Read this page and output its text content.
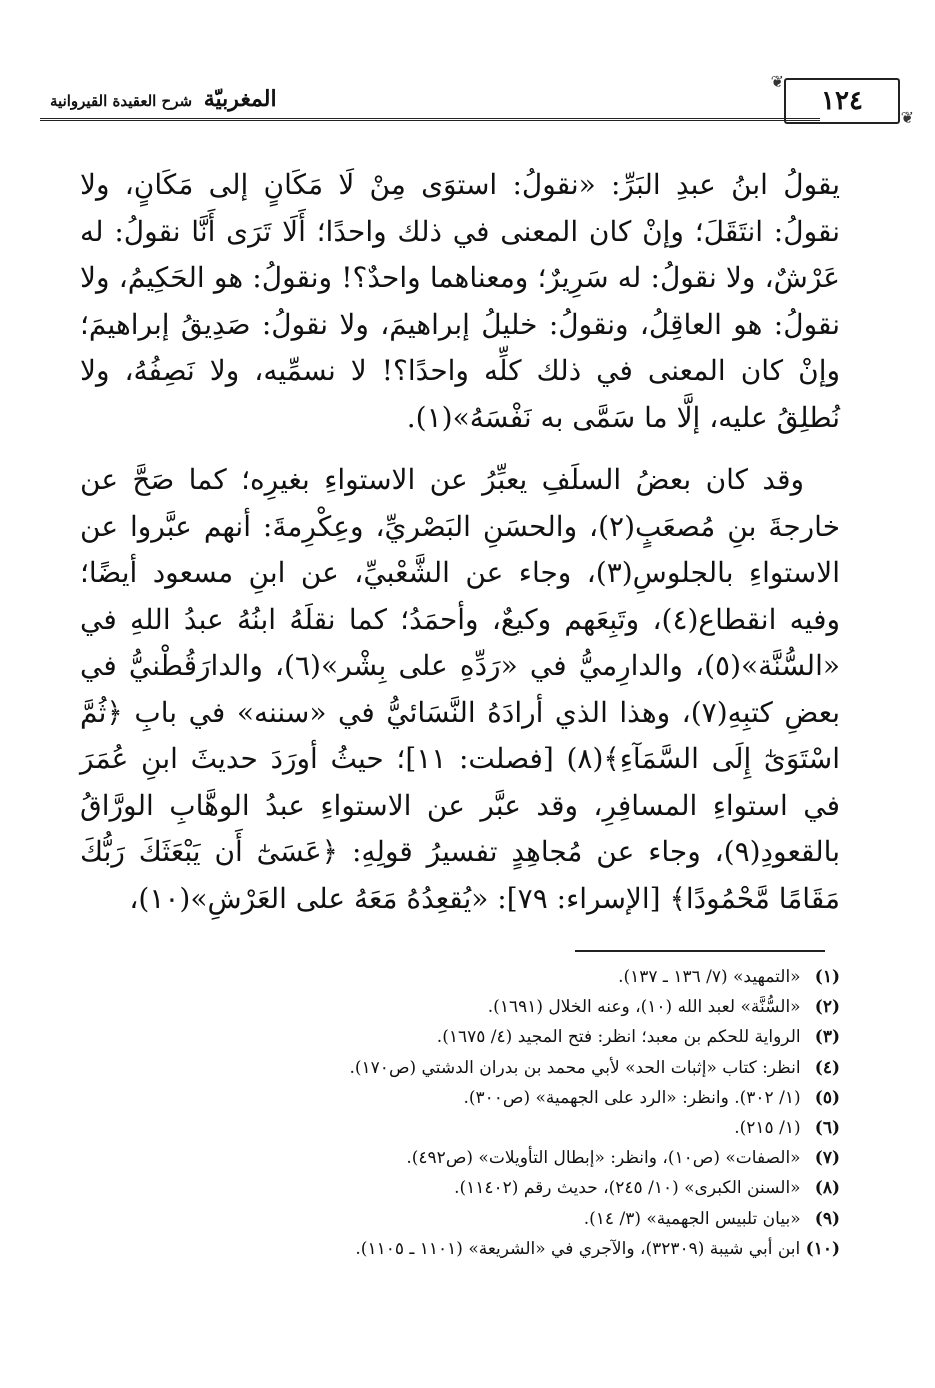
المغربيّة شرح العقيدة القيروانية
❦
❦
١٢٤

يقولُ ابنُ عبدِ البَرِّ: «نقولُ: استوَى مِنْ لَا مَكَانٍ إلى مَكَانٍ، ولا نقولُ: انتَقَلَ؛ وإنْ كان المعنى في ذلك واحدًا؛ أَلَا تَرَى أَنَّا نقولُ: له عَرْشٌ، ولا نقولُ: له سَرِيرٌ؛ ومعناهما واحدٌ؟! ونقولُ: هو الحَكِيمُ، ولا نقولُ: هو العاقِلُ، ونقولُ: خليلُ إبراهيمَ، ولا نقولُ: صَدِيقُ إبراهيمَ؛ وإنْ كان المعنى في ذلك كلِّه واحدًا؟! لا نسمِّيه، ولا نَصِفُهُ، ولا نُطلِقُ عليه، إلَّا ما سَمَّى به نَفْسَهُ»(١).

وقد كان بعضُ السلَفِ يعبِّرُ عن الاستواءِ بغيرِه؛ كما صَحَّ عن خارجةَ بنِ مُصعَبٍ(٢)، والحسَنِ البَصْريِّ، وعِكْرِمةَ: أنهم عبَّروا عن الاستواءِ بالجلوسِ(٣)، وجاء عن الشَّعْبيِّ، عن ابنِ مسعود أيضًا؛ وفيه انقطاع(٤)، وتَبِعَهم وكيعٌ، وأحمَدُ؛ كما نقلَهُ ابنُهُ عبدُ اللهِ في «السُّنَّة»(٥)، والدارِميُّ في «رَدِّهِ على بِشْر»(٦)، والدارَقُطْنيُّ في بعضِ كتبِهِ(٧)، وهذا الذي أرادَهُ النَّسَائيُّ في «سننه» في بابِ ﴿ثُمَّ اسْتَوَىٰٓ إِلَى السَّمَآءِ﴾(٨) [فصلت: ١١]؛ حيثُ أورَدَ حديثَ ابنِ عُمَرَ في استواءِ المسافِرِ، وقد عبَّر عن الاستواءِ عبدُ الوهَّابِ الورَّاقُ بالقعودِ(٩)، وجاء عن مُجاهِدٍ تفسيرُ قولِهِ: ﴿عَسَىٰٓ أَن يَبْعَثَكَ رَبُّكَ مَقَامًا مَّحْمُودًا﴾ [الإسراء: ٧٩]: «يُقعِدُهُ مَعَهُ على العَرْشِ»(١٠)،

(١) «التمهيد» (٧/ ١٣٦ ـ ١٣٧).
(٢) «السُّنَّة» لعبد الله (١٠)، وعنه الخلال (١٦٩١).
(٣) الرواية للحكم بن معبد؛ انظر: فتح المجيد (٤/ ١٦٧٥).
(٤) انظر: كتاب «إثبات الحد» لأبي محمد بن بدران الدشتي (ص١٧٠).
(٥) (١/ ٣٠٢). وانظر: «الرد على الجهمية» (ص٣٠٠).
(٦) (١/ ٢١٥).
(٧) «الصفات» (ص١٠)، وانظر: «إبطال التأويلات» (ص٤٩٢).
(٨) «السنن الكبرى» (١٠/ ٢٤٥)، حديث رقم (١١٤٠٢).
(٩) «بيان تلبيس الجهمية» (٣/ ١٤).
(١٠) ابن أبي شيبة (٣٢٣٠٩)، والآجري في «الشريعة» (١١٠١ ـ ١١٠٥).
